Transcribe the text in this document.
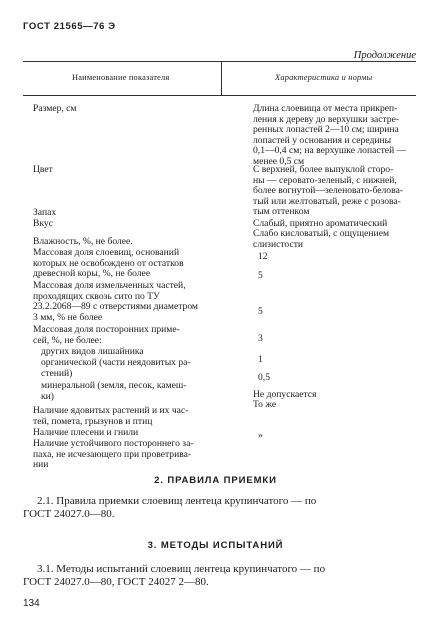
ГОСТ 21565—76 Э
Продолжение
Наименование показателя	Характеристика и нормы
Размер, см
Цвет
Запах
Вкус
Влажность, %, не более.
Массовая доля слоевищ, оснований
которых не освобождено от остатков
древесной коры, %, не более
Массовая доля измельченных частей,
проходящих сквозь сито по ТУ
23.2.2068—89 с отверстиями диаметром
3 мм, % не более
Массовая доля посторонних приме-
сей, %, не более:
других видов лишайника
органической (части неядовитых ра-
стений)
минеральной (земля, песок, камеш-
ки)
Наличие ядовитых растений и их час-
тей, помета, грызунов и птиц
Наличие плесени и гнили
Наличие устойчивого постороннего за-
паха, не исчезающего при проветрива-
нии
Длина слоевища от места прикреп-
ления к дереву до верхушки застре-
ренных лопастей 2—10 см; ширина
лопастей у основания и середины
0,1—0,4 см; на верхушке лопастей —
менее 0,5 см
С верхней, более выпуклой сторо-
ны — серовато-зеленый, с нижней,
более вогнутой—зеленовато-беловa-
тый или желтоватый, реже с розова-
тым оттенком
Слабый, приятно ароматический
Слабо кисловатый, с ощущением
слизистости
12
5
5
3
1
0,5
Не допускается
То же
»
2. ПРАВИЛА ПРИЕМКИ
2.1. Правила приемки слоевищ лентеца крупинчатого — по
ГОСТ 24027.0—80.
3. МЕТОДЫ ИСПЫТАНИЙ
3.1. Методы испытаний слоевищ лентеца крупинчатого — по
ГОСТ 24027.0—80, ГОСТ 24027 2—80.
134
